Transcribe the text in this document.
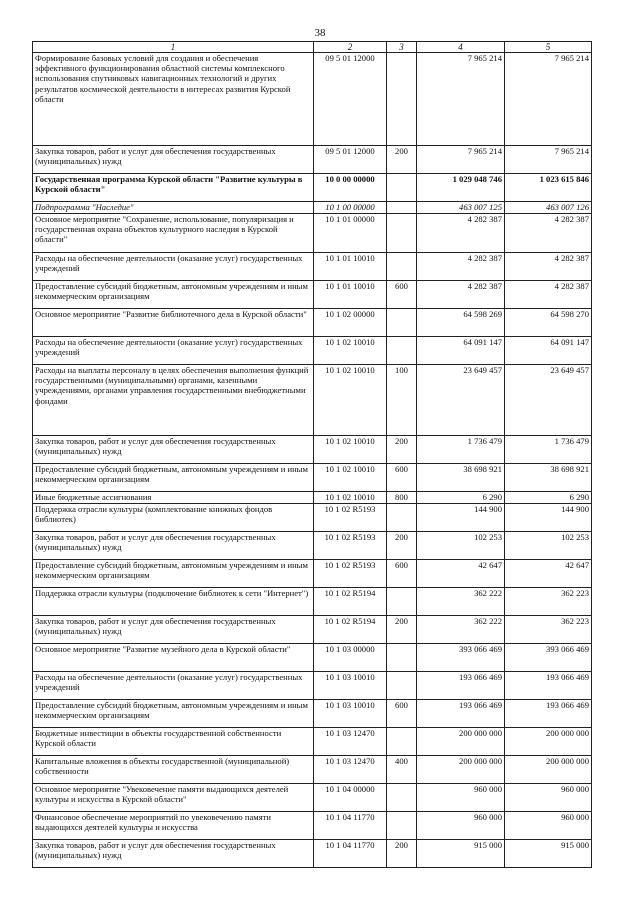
38
1	2	3	4	5
Формирование базовых условий для создания и обеспечения эффективного функционирования областной системы комплексного использования спутниковых навигационных технологий и других результатов космической деятельности в интересах развития Курской области	09 5 01 12000		7 965 214	7 965 214
Закупка товаров, работ и услуг для обеспечения государственных (муниципальных) нужд	09 5 01 12000	200	7 965 214	7 965 214
Государственная программа Курской области "Развитие культуры в Курской области"	10 0 00 00000		1 029 048 746	1 023 615 846
Подпрограмма "Наследие"	10 1 00 00000		463 007 125	463 007 126
Основное мероприятие "Сохранение, использование, популяризация и государственная охрана объектов культурного наследия в Курской области"	10 1 01 00000		4 282 387	4 282 387
Расходы на обеспечение деятельности (оказание услуг) государственных учреждений	10 1 01 10010		4 282 387	4 282 387
Предоставление субсидий бюджетным, автономным учреждениям и иным некоммерческим организациям	10 1 01 10010	600	4 282 387	4 282 387
Основное мероприятие "Развитие библиотечного дела в Курской области"	10 1 02 00000		64 598 269	64 598 270
Расходы на обеспечение деятельности (оказание услуг) государственных учреждений	10 1 02 10010		64 091 147	64 091 147
Расходы на выплаты персоналу в целях обеспечения выполнения функций государственными (муниципальными) органами, казенными учреждениями, органами управления государственными внебюджетными фондами	10 1 02 10010	100	23 649 457	23 649 457
Закупка товаров, работ и услуг для обеспечения государственных (муниципальных) нужд	10 1 02 10010	200	1 736 479	1 736 479
Предоставление субсидий бюджетным, автономным учреждениям и иным некоммерческим организациям	10 1 02 10010	600	38 698 921	38 698 921
Иные бюджетные ассигнования	10 1 02 10010	800	6 290	6 290
Поддержка отрасли культуры (комплектование книжных фондов библиотек)	10 1 02 R5193		144 900	144 900
Закупка товаров, работ и услуг для обеспечения государственных (муниципальных) нужд	10 1 02 R5193	200	102 253	102 253
Предоставление субсидий бюджетным, автономным учреждениям и иным некоммерческим организациям	10 1 02 R5193	600	42 647	42 647
Поддержка отрасли культуры (подключение библиотек к сети "Интернет")	10 1 02 R5194		362 222	362 223
Закупка товаров, работ и услуг для обеспечения государственных (муниципальных) нужд	10 1 02 R5194	200	362 222	362 223
Основное мероприятие "Развитие музейного дела в Курской области"	10 1 03 00000		393 066 469	393 066 469
Расходы на обеспечение деятельности (оказание услуг) государственных учреждений	10 1 03 10010		193 066 469	193 066 469
Предоставление субсидий бюджетным, автономным учреждениям и иным некоммерческим организациям	10 1 03 10010	600	193 066 469	193 066 469
Бюджетные инвестиции в объекты государственной собственности Курской области	10 1 03 12470		200 000 000	200 000 000
Капитальные вложения в объекты государственной (муниципальной) собственности	10 1 03 12470	400	200 000 000	200 000 000
Основное мероприятие "Увековечение памяти выдающихся деятелей культуры и искусства в Курской области"	10 1 04 00000		960 000	960 000
Финансовое обеспечение мероприятий по увековечению памяти выдающихся деятелей культуры и искусства	10 1 04 11770		960 000	960 000
Закупка товаров, работ и услуг для обеспечения государственных (муниципальных) нужд	10 1 04 11770	200	915 000	915 000
